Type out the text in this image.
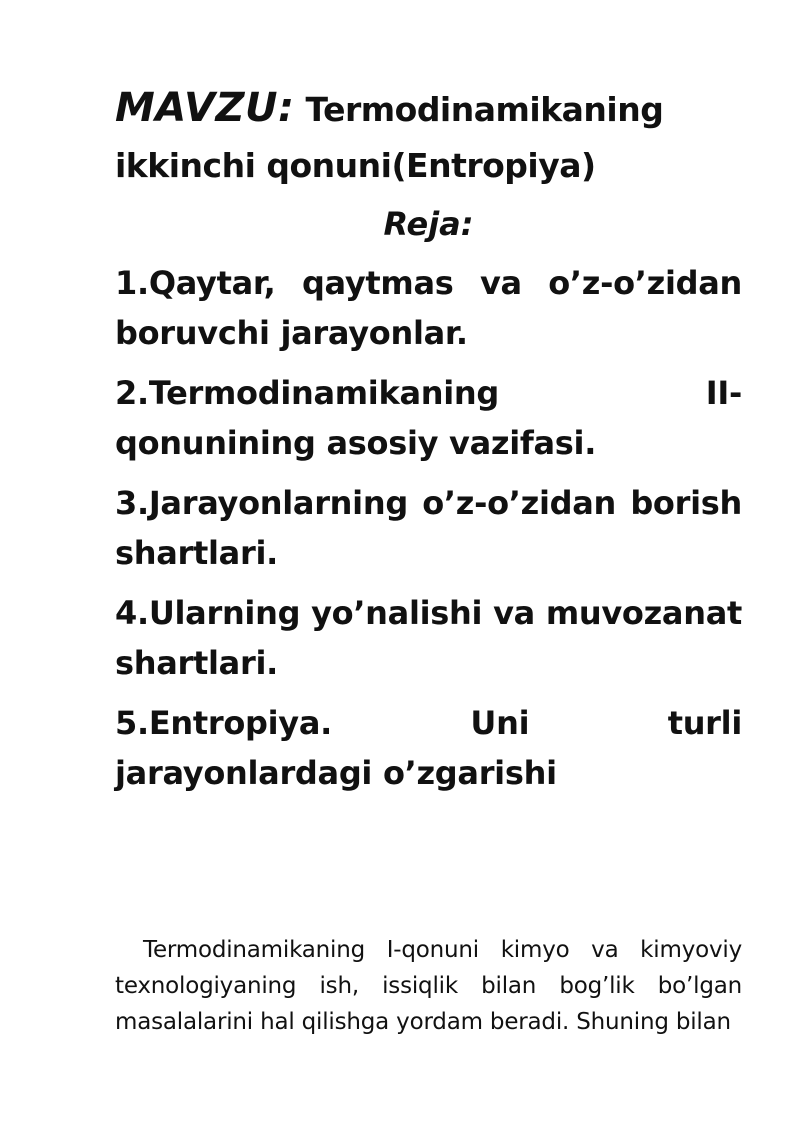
MAVZU: Termodinamikaning ikkinchi qonuni(Entropiya)
Reja:
1.Qaytar, qaytmas va o’z-o’zidan boruvchi jarayonlar.
2.Termodinamikaning II-qonunining asosiy vazifasi.
3.Jarayonlarning o’z-o’zidan borish shartlari.
4.Ularning yo’nalishi va muvozanat shartlari.
5.Entropiya. Uni turli jarayonlardagi o’zgarishi

Termodinamikaning I-qonuni kimyo va kimyoviy texnologiyaning ish, issiqlik bilan bog’lik bo’lgan masalalarini hal qilishga yordam beradi. Shuning bilan
